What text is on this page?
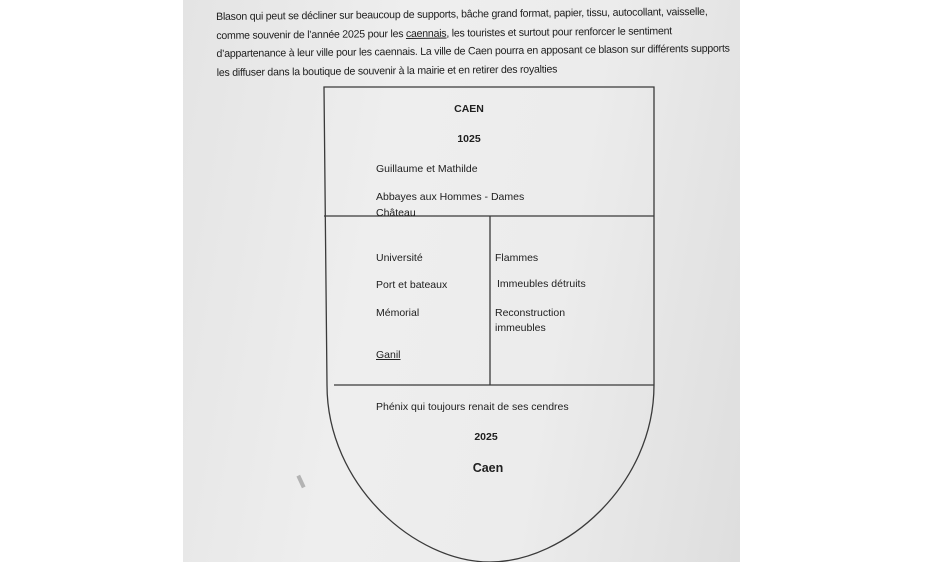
Blason qui peut se décliner sur beaucoup de supports, bâche grand format, papier, tissu, autocollant, vaisselle, comme souvenir de l’année 2025 pour les caennais, les touristes et surtout pour renforcer le sentiment d’appartenance à leur ville pour les caennais. La ville de Caen pourra en apposant ce blason sur différents supports les diffuser dans la boutique de souvenir à la mairie et en retirer des royalties

CAEN
1025
Guillaume et Mathilde
Abbayes aux Hommes - Dames
Château
Université
Port et bateaux
Mémorial
Ganil
Flammes
Immeubles détruits
Reconstruction
immeubles
Phénix qui toujours renait de ses cendres
2025
Caen
